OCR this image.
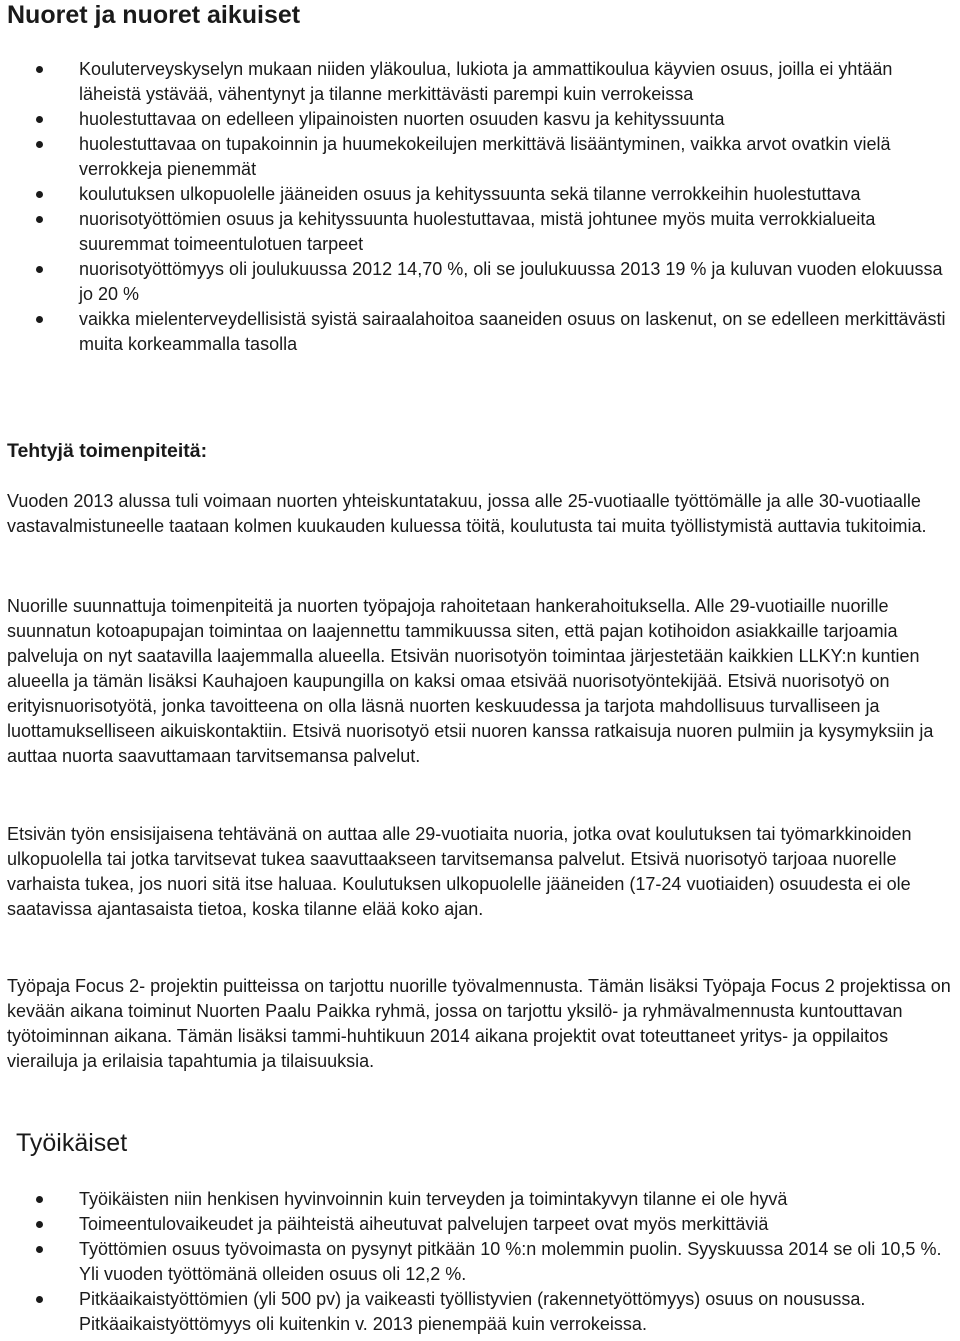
Nuoret ja nuoret aikuiset
Kouluterveyskyselyn mukaan niiden yläkoulua, lukiota ja ammattikoulua käyvien osuus, joilla ei yhtään läheistä ystävää, vähentynyt ja tilanne merkittävästi parempi kuin verrokeissa
huolestuttavaa on edelleen ylipainoisten nuorten osuuden kasvu ja kehityssuunta
huolestuttavaa on tupakoinnin ja huumekokeilujen merkittävä lisääntyminen, vaikka arvot ovatkin vielä verrokkeja pienemmät
koulutuksen ulkopuolelle jääneiden osuus ja kehityssuunta sekä tilanne verrokkeihin huolestuttava
nuorisotyöttömien osuus ja kehityssuunta huolestuttavaa, mistä johtunee myös muita verrokkialueita suuremmat toimeentulotuen tarpeet
nuorisotyöttömyys oli joulukuussa 2012 14,70 %, oli se joulukuussa 2013 19 % ja kuluvan vuoden elokuussa jo 20 %
vaikka mielenterveydellisistä syistä sairaalahoitoa saaneiden osuus on laskenut, on se edelleen merkittävästi muita korkeammalla tasolla
Tehtyjä toimenpiteitä:

Vuoden 2013 alussa tuli voimaan nuorten yhteiskuntatakuu, jossa alle 25-vuotiaalle työttömälle ja alle 30-vuotiaalle vastavalmistuneelle taataan kolmen kuukauden kuluessa töitä, koulutusta tai muita työllistymistä auttavia tukitoimia.

Nuorille suunnattuja toimenpiteitä ja nuorten työpajoja rahoitetaan hankerahoituksella. Alle 29-vuotiaille nuorille suunnatun kotoapupajan toimintaa on laajennettu tammikuussa siten, että pajan kotihoidon asiakkaille tarjoamia palveluja on nyt saatavilla laajemmalla alueella. Etsivän nuorisotyön toimintaa järjestetään kaikkien LLKY:n kuntien alueella ja tämän lisäksi Kauhajoen kaupungilla on kaksi omaa etsivää nuorisotyöntekijää. Etsivä nuorisotyö on erityisnuorisotyötä, jonka tavoitteena on olla läsnä nuorten keskuudessa ja tarjota mahdollisuus turvalliseen ja luottamukselliseen aikuiskontaktiin. Etsivä nuorisotyö etsii nuoren kanssa ratkaisuja nuoren pulmiin ja kysymyksiin ja auttaa nuorta saavuttamaan tarvitsemansa palvelut.

Etsivän työn ensisijaisena tehtävänä on auttaa alle 29-vuotiaita nuoria, jotka ovat koulutuksen tai työmarkkinoiden ulkopuolella tai jotka tarvitsevat tukea saavuttaakseen tarvitsemansa palvelut. Etsivä nuorisotyö tarjoaa nuorelle varhaista tukea, jos nuori sitä itse haluaa. Koulutuksen ulkopuolelle jääneiden (17-24 vuotiaiden) osuudesta ei ole saatavissa ajantasaista tietoa, koska tilanne elää koko ajan.

Työpaja Focus 2- projektin puitteissa on tarjottu nuorille työvalmennusta. Tämän lisäksi Työpaja Focus 2 projektissa on kevään aikana toiminut Nuorten Paalu Paikka ryhmä, jossa on tarjottu yksilö- ja ryhmävalmennusta kuntouttavan työtoiminnan aikana. Tämän lisäksi tammi-huhtikuun 2014 aikana projektit ovat toteuttaneet yritys- ja oppilaitos vierailuja ja erilaisia tapahtumia ja tilaisuuksia.

Työikäiset
Työikäisten niin henkisen hyvinvoinnin kuin terveyden ja toimintakyvyn tilanne ei ole hyvä
Toimeentulovaikeudet ja päihteistä aiheutuvat palvelujen tarpeet ovat myös merkittäviä
Työttömien osuus työvoimasta on pysynyt pitkään 10 %:n molemmin puolin. Syyskuussa 2014 se oli 10,5 %. Yli vuoden työttömänä olleiden osuus oli 12,2 %.
Pitkäaikaistyöttömien (yli 500 pv) ja vaikeasti työllistyvien (rakennetyöttömyys) osuus on nousussa. Pitkäaikaistyöttömyys oli kuitenkin v. 2013 pienempää kuin verrokeissa.
